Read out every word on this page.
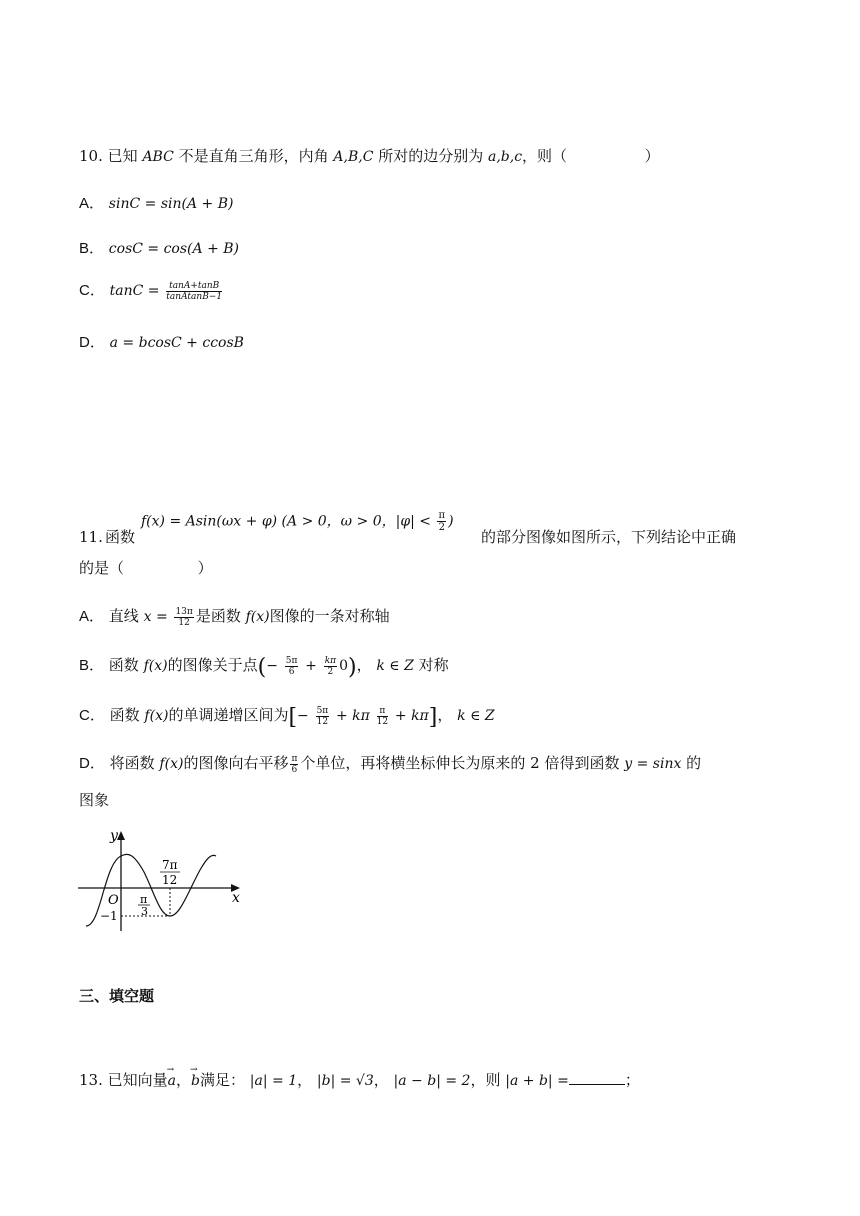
10. 已知 ABC 不是直角三角形，内角 A,B,C 所对的边分别为 a,b,c，则（	）
A． sinC = sin(A + B)
B． cosC = cos(A + B)
C． $\tan C = \frac{\tan A+\tan B}{\text{tanAtanB−1}}$
D． a = bcosC + ccosB
11. 函数
f(x) = Asin(ωx + φ) (A > 0，ω > 0，$|\varphi| < \frac{\pi}{2}$ )
的部分图像如图所示，下列结论中正确
的是（	）
A． 直线 $x = \frac{13\pi}{12}$ 是函数 f(x)图像的一条对称轴
B． 函数 f(x)的图像关于点(− $\frac{5\pi}{6} + \frac{k\pi}{2} 0$)， k ∈ Z 对称
C． 函数 f(x)的单调递增区间为[− $\frac{5\pi}{12} + k\pi \frac{\pi}{12} + k\pi$]， k ∈ Z
D． 将函数 f(x)的图像向右平移 $\frac{\pi}{6}$ 个单位，再将横坐标伸长为原来的 2 倍得到函数 y = sinx 的
图象
y
x
O
−1
π
3
7π
12
三、填空题
13. 已知向量→ a，→ b满足： |a| = 1， |b| = √3， |a − b| = 2，则 |a + b| =	；
